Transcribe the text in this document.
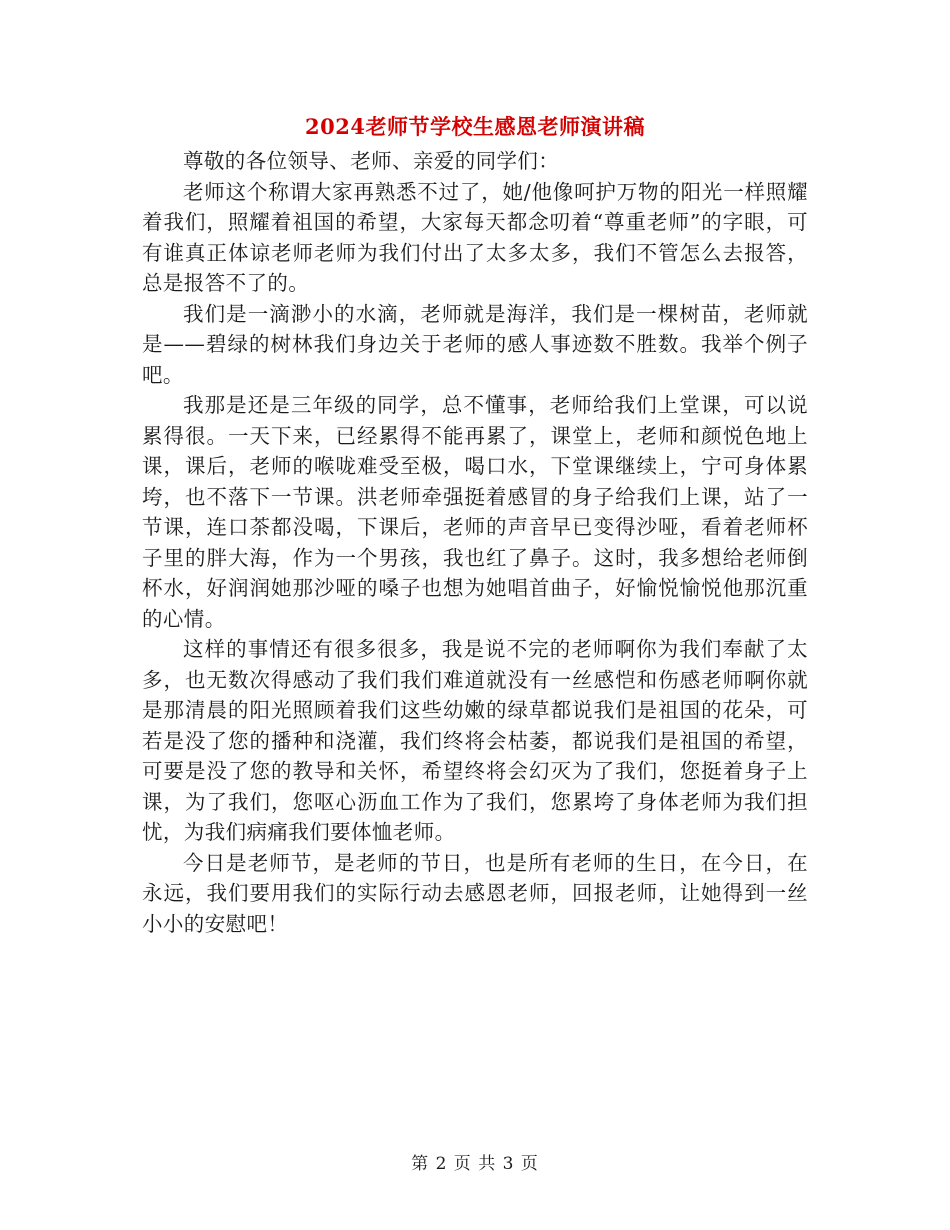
2024老师节学校生感恩老师演讲稿

尊敬的各位领导、老师、亲爱的同学们：

老师这个称谓大家再熟悉不过了，她/他像呵护万物的阳光一样照耀着我们，照耀着祖国的希望，大家每天都念叨着“尊重老师”的字眼，可有谁真正体谅老师老师为我们付出了太多太多，我们不管怎么去报答，总是报答不了的。

我们是一滴渺小的水滴，老师就是海洋，我们是一棵树苗，老师就是——碧绿的树林我们身边关于老师的感人事迹数不胜数。我举个例子吧。

我那是还是三年级的同学，总不懂事，老师给我们上堂课，可以说累得很。一天下来，已经累得不能再累了，课堂上，老师和颜悦色地上课，课后，老师的喉咙难受至极，喝口水，下堂课继续上，宁可身体累垮，也不落下一节课。洪老师牵强挺着感冒的身子给我们上课，站了一节课，连口茶都没喝，下课后，老师的声音早已变得沙哑，看着老师杯子里的胖大海，作为一个男孩，我也红了鼻子。这时，我多想给老师倒杯水，好润润她那沙哑的嗓子也想为她唱首曲子，好愉悦愉悦他那沉重的心情。

这样的事情还有很多很多，我是说不完的老师啊你为我们奉献了太多，也无数次得感动了我们我们难道就没有一丝感恺和伤感老师啊你就是那清晨的阳光照顾着我们这些幼嫩的绿草都说我们是祖国的花朵，可若是没了您的播种和浇灌，我们终将会枯萎，都说我们是祖国的希望，可要是没了您的教导和关怀，希望终将会幻灭为了我们，您挺着身子上课，为了我们，您呕心沥血工作为了我们，您累垮了身体老师为我们担忧，为我们病痛我们要体恤老师。

今日是老师节，是老师的节日，也是所有老师的生日，在今日，在永远，我们要用我们的实际行动去感恩老师，回报老师，让她得到一丝小小的安慰吧！

第 2 页 共 3 页
